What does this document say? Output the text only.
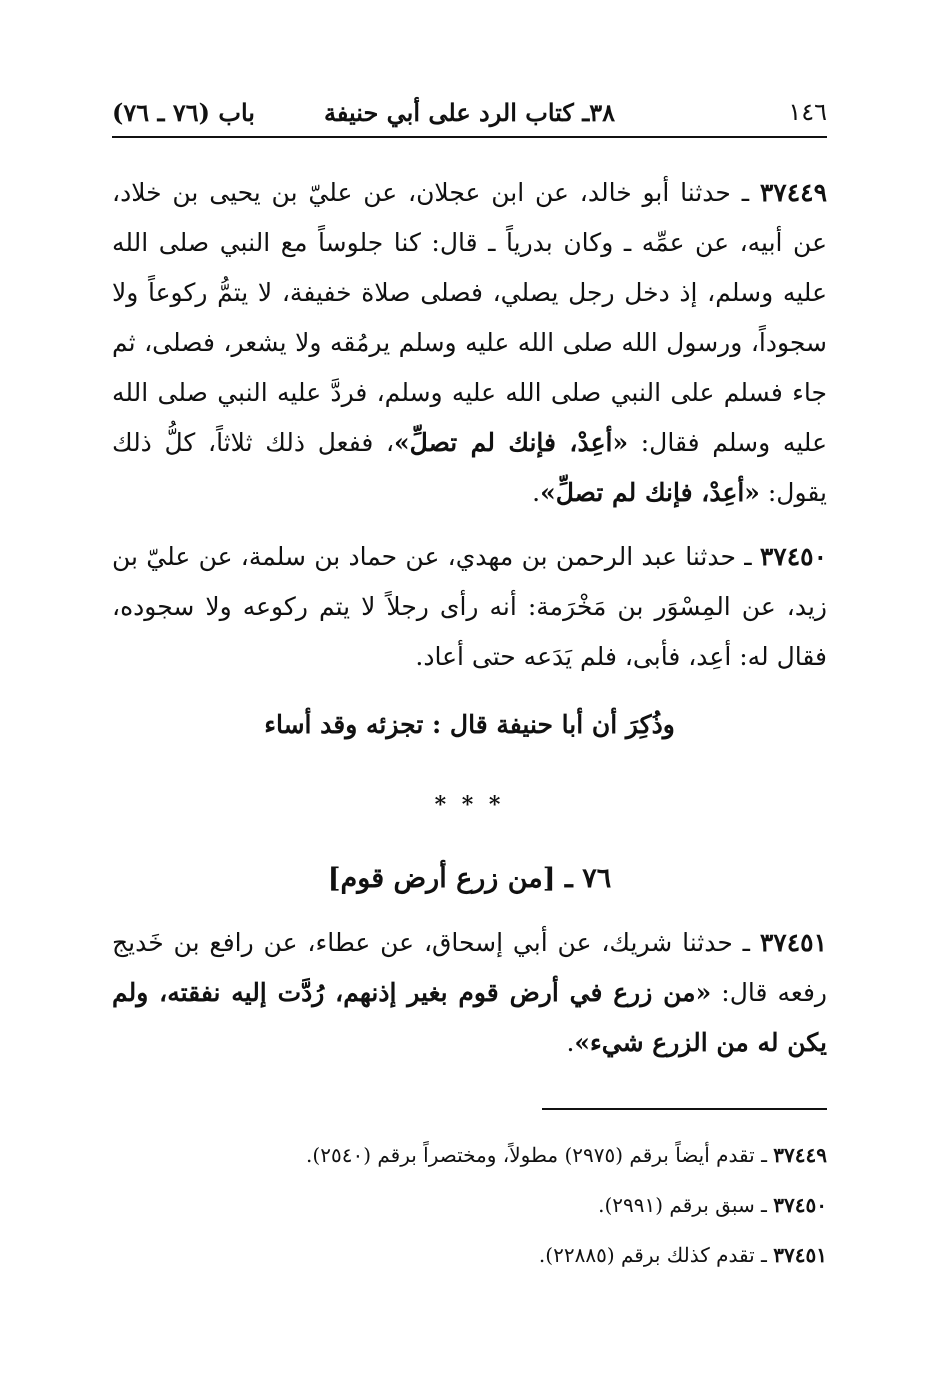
١٤٦
٣٨ـ كتاب الرد على أبي حنيفة
باب (٧٦ ـ ٧٦)

٣٧٤٤٩ ـ حدثنا أبو خالد، عن ابن عجلان، عن عليّ بن يحيى بن خلاد، عن أبيه، عن عمِّه ـ وكان بدرياً ـ قال: كنا جلوساً مع النبي صلى الله عليه وسلم، إذ دخل رجل يصلي، فصلى صلاة خفيفة، لا يتمُّ ركوعاً ولا سجوداً، ورسول الله صلى الله عليه وسلم يرمُقه ولا يشعر، فصلى، ثم جاء فسلم على النبي صلى الله عليه وسلم، فردَّ عليه النبي صلى الله عليه وسلم فقال: «أعِدْ، فإنك لم تصلِّ»، ففعل ذلك ثلاثاً، كلُّ ذلك يقول: «أعِدْ، فإنك لم تصلِّ».

٣٧٤٥٠ ـ حدثنا عبد الرحمن بن مهدي، عن حماد بن سلمة، عن عليّ بن زيد، عن المِسْوَر بن مَخْرَمة: أنه رأى رجلاً لا يتم ركوعه ولا سجوده، فقال له: أعِد، فأبى، فلم يَدَعه حتى أعاد.

وذُكِرَ أن أبا حنيفة قال : تجزئه وقد أساء

* * *

٧٦ ـ [من زرع أرض قوم]

٣٧٤٥١ ـ حدثنا شريك، عن أبي إسحاق، عن عطاء، عن رافع بن خَديج رفعه قال: «من زرع في أرض قوم بغير إذنهم، رُدَّت إليه نفقته، ولم يكن له من الزرع شيء».

٣٧٤٤٩ ـ تقدم أيضاً برقم (٢٩٧٥) مطولاً، ومختصراً برقم (٢٥٤٠).

٣٧٤٥٠ ـ سبق برقم (٢٩٩١).

٣٧٤٥١ ـ تقدم كذلك برقم (٢٢٨٨٥).
